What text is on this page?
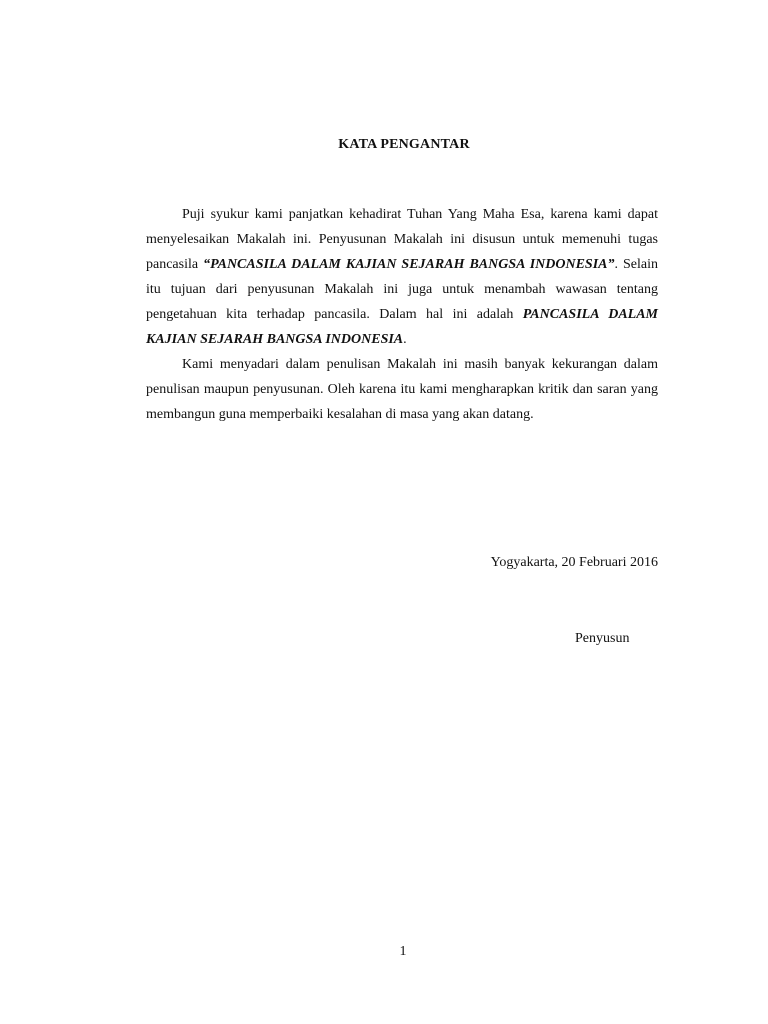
KATA PENGANTAR

Puji syukur kami panjatkan kehadirat Tuhan Yang Maha Esa, karena kami dapat menyelesaikan Makalah ini. Penyusunan Makalah ini disusun untuk memenuhi tugas pancasila “PANCASILA DALAM KAJIAN SEJARAH BANGSA INDONESIA”. Selain itu tujuan dari penyusunan Makalah ini juga untuk menambah wawasan tentang pengetahuan kita terhadap pancasila. Dalam hal ini adalah PANCASILA DALAM KAJIAN SEJARAH BANGSA INDONESIA.

Kami menyadari dalam penulisan Makalah ini masih banyak kekurangan dalam penulisan maupun penyusunan. Oleh karena itu kami mengharapkan kritik dan saran yang membangun guna memperbaiki kesalahan di masa yang akan datang.

Yogyakarta, 20 Februari 2016
Penyusun
1
